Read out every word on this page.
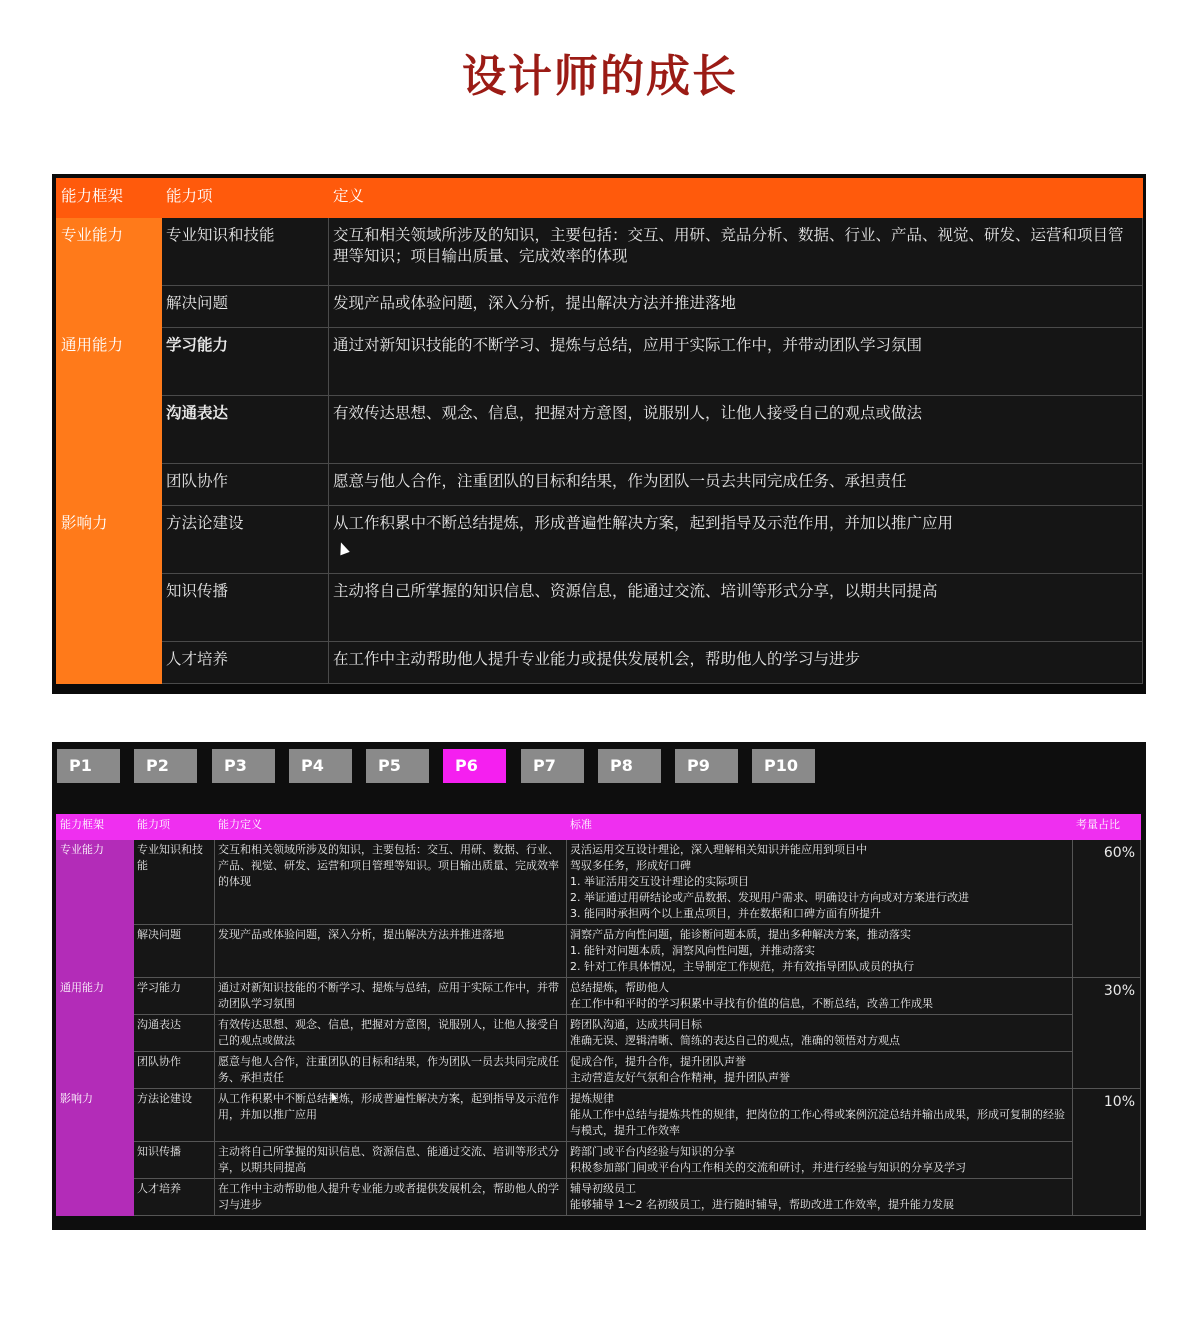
设计师的成长
能力框架	能力项	定义
专业能力	专业知识和技能	交互和相关领域所涉及的知识，主要包括：交互、用研、竞品分析、数据、行业、产品、视觉、研发、运营和项目管理等知识；项目输出质量、完成效率的体现
	解决问题	发现产品或体验问题，深入分析，提出解决方法并推进落地
通用能力	学习能力	通过对新知识技能的不断学习、提炼与总结，应用于实际工作中，并带动团队学习氛围
	沟通表达	有效传达思想、观念、信息，把握对方意图，说服别人，让他人接受自己的观点或做法
	团队协作	愿意与他人合作，注重团队的目标和结果，作为团队一员去共同完成任务、承担责任
影响力	方法论建设	从工作积累中不断总结提炼，形成普遍性解决方案，起到指导及示范作用，并加以推广应用
	知识传播	主动将自己所掌握的知识信息、资源信息，能通过交流、培训等形式分享，以期共同提高
	人才培养	在工作中主动帮助他人提升专业能力或提供发展机会，帮助他人的学习与进步
P1	P2	P3	P4	P5	P6	P7	P8	P9	P10
能力框架	能力项	能力定义	标准	考量占比
专业能力	专业知识和技能	交互和相关领域所涉及的知识，主要包括：交互、用研、数据、行业、产品、视觉、研发、运营和项目管理等知识。项目输出质量、完成效率的体现	灵活运用交互设计理论，深入理解相关知识并能应用到项目中
驾驭多任务，形成好口碑
1. 举证活用交互设计理论的实际项目
2. 举证通过用研结论或产品数据、发现用户需求、明确设计方向或对方案进行改进
3. 能同时承担两个以上重点项目，并在数据和口碑方面有所提升	60%
	解决问题	发现产品或体验问题，深入分析，提出解决方法并推进落地	洞察产品方向性问题，能诊断问题本质，提出多种解决方案，推动落实
1. 能针对问题本质，洞察风向性问题，并推动落实
2. 针对工作具体情况，主导制定工作规范，并有效指导团队成员的执行	

通用能力	学习能力	通过对新知识技能的不断学习、提炼与总结，应用于实际工作中，并带动团队学习氛围	总结提炼，帮助他人
在工作中和平时的学习积累中寻找有价值的信息，不断总结，改善工作成果	30%
	沟通表达	有效传达思想、观念、信息，把握对方意图，说服别人，让他人接受自己的观点或做法	跨团队沟通，达成共同目标
准确无误、逻辑清晰、简练的表达自己的观点，准确的领悟对方观点	

	团队协作	愿意与他人合作，注重团队的目标和结果，作为团队一员去共同完成任务、承担责任	促成合作，提升合作，提升团队声誉
主动营造友好气氛和合作精神，提升团队声誉	

影响力	方法论建设	从工作积累中不断总结提炼，形成普遍性解决方案，起到指导及示范作用，并加以推广应用	提炼规律
能从工作中总结与提炼共性的规律，把岗位的工作心得或案例沉淀总结并输出成果，形成可复制的经验与模式，提升工作效率	10%
	知识传播	主动将自己所掌握的知识信息、资源信息、能通过交流、培训等形式分享，以期共同提高	跨部门或平台内经验与知识的分享
积极参加部门间或平台内工作相关的交流和研讨，并进行经验与知识的分享及学习	

	人才培养	在工作中主动帮助他人提升专业能力或者提供发展机会，帮助他人的学习与进步	辅导初级员工
能够辅导 1～2 名初级员工，进行随时辅导，帮助改进工作效率，提升能力发展	
